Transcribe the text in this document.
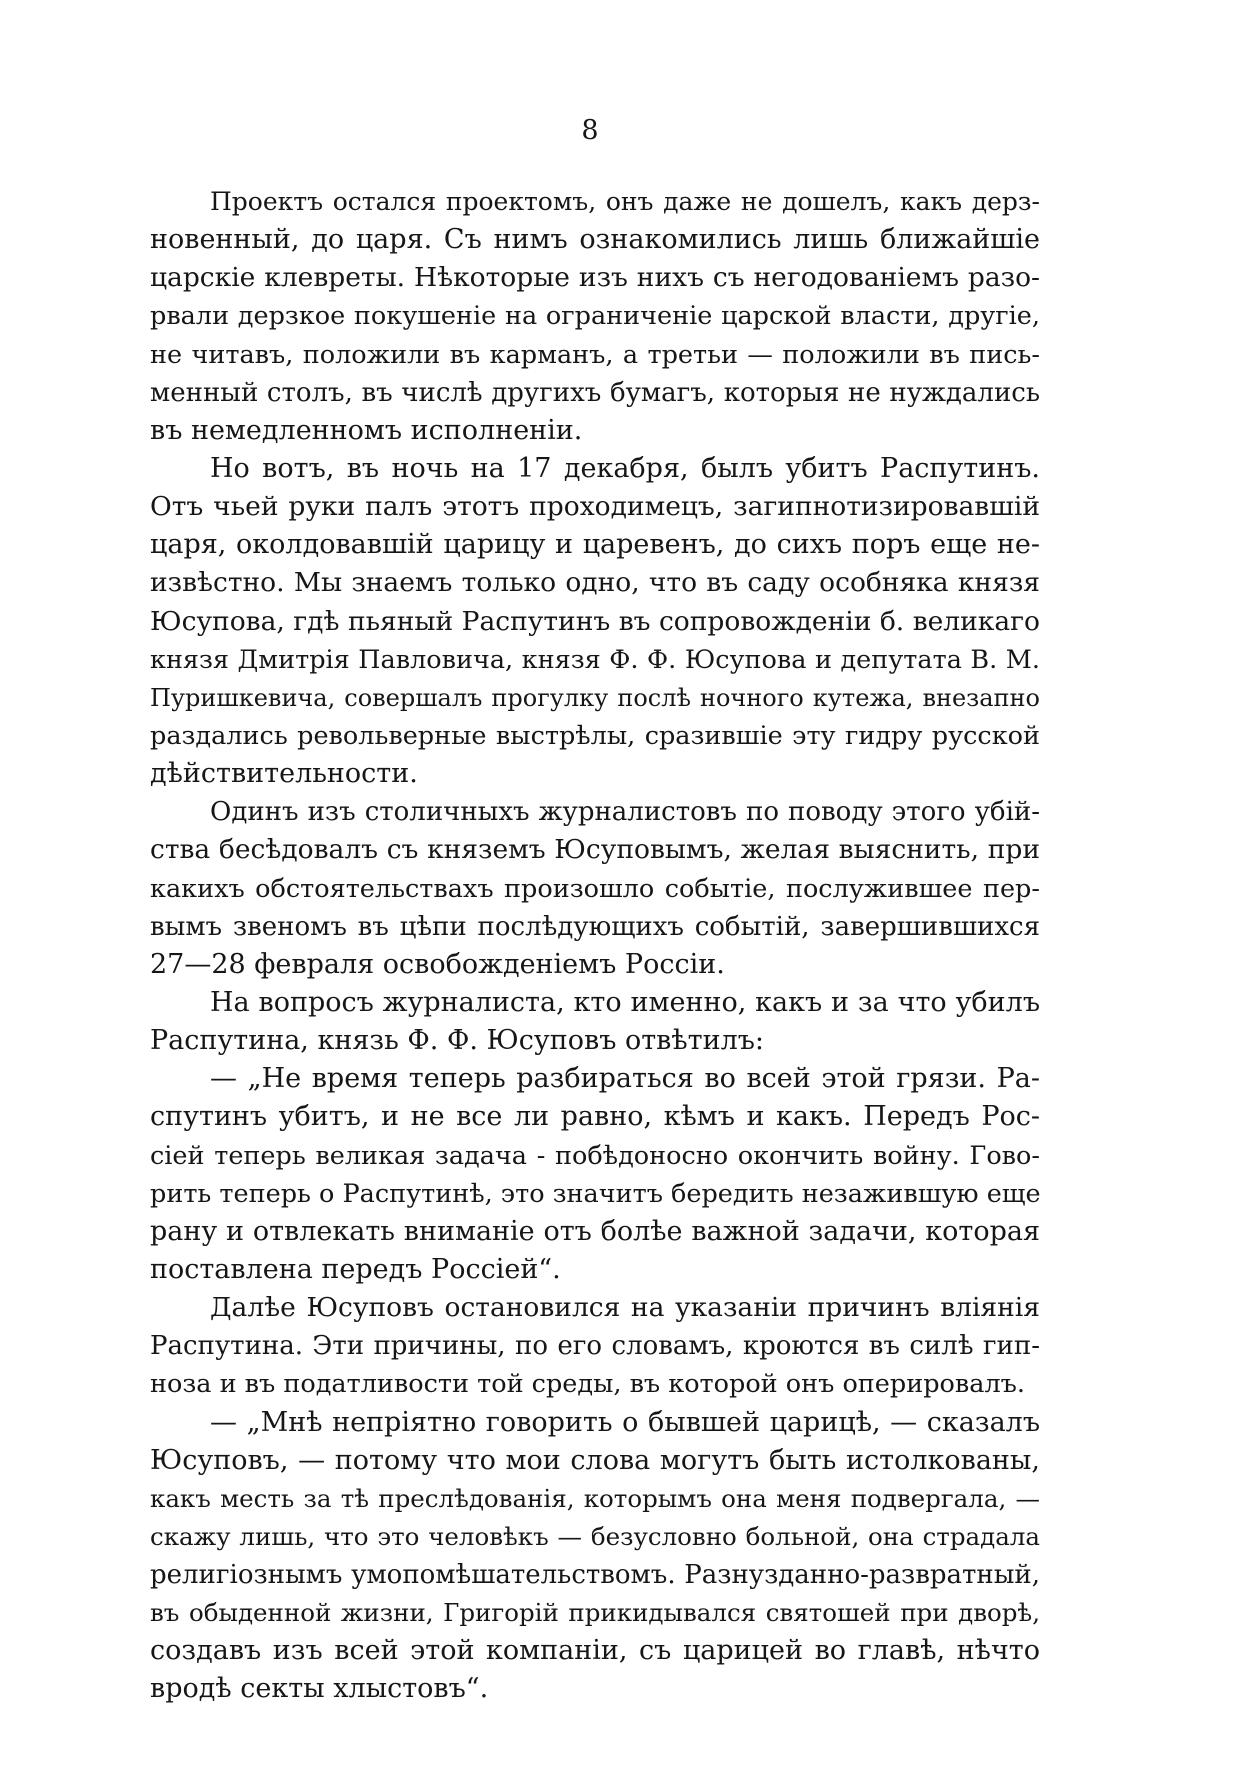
8
Проектъ остался проектомъ, онъ даже не дошелъ, какъ дерз-
новенный, до царя. Съ нимъ ознакомились лишь ближайшіе
царскіе клевреты. Нѣкоторые изъ нихъ съ негодованіемъ разо-
рвали дерзкое покушеніе на ограниченіе царской власти, другіе,
не читавъ, положили въ карманъ, а третьи — положили въ пись-
менный столъ, въ числѣ другихъ бумагъ, которыя не нуждались
въ немедленномъ исполненіи.
Но вотъ, въ ночь на 17 декабря, былъ убитъ Распутинъ.
Отъ чьей руки палъ этотъ проходимецъ, загипнотизировавшій
царя, околдовавшій царицу и царевенъ, до сихъ поръ еще не-
извѣстно. Мы знаемъ только одно, что въ саду особняка князя
Юсупова, гдѣ пьяный Распутинъ въ сопровожденіи б. великаго
князя Дмитрія Павловича, князя Ф. Ф. Юсупова и депутата В. М.
Пуришкевича, совершалъ прогулку послѣ ночного кутежа, внезапно
раздались револьверные выстрѣлы, сразившіе эту гидру русской
дѣйствительности.
Одинъ изъ столичныхъ журналистовъ по поводу этого убій-
ства бесѣдовалъ съ княземъ Юсуповымъ, желая выяснить, при
какихъ обстоятельствахъ произошло событіе, послужившее пер-
вымъ звеномъ въ цѣпи послѣдующихъ событій, завершившихся
27—28 февраля освобожденіемъ Россіи.
На вопросъ журналиста, кто именно, какъ и за что убилъ
Распутина, князь Ф. Ф. Юсуповъ отвѣтилъ:
— „Не время теперь разбираться во всей этой грязи. Ра-
спутинъ убитъ, и не все ли равно, кѣмъ и какъ. Передъ Рос-
сіей теперь великая задача - побѣдоносно окончить войну. Гово-
рить теперь о Распутинѣ, это значитъ бередить незажившую еще
рану и отвлекать вниманіе отъ болѣе важной задачи, которая
поставлена передъ Россіей“.
Далѣе Юсуповъ остановился на указаніи причинъ вліянія
Распутина. Эти причины, по его словамъ, кроются въ силѣ гип-
ноза и въ податливости той среды, въ которой онъ оперировалъ.
— „Мнѣ непріятно говорить о бывшей царицѣ, — сказалъ
Юсуповъ, — потому что мои слова могутъ быть истолкованы,
какъ месть за тѣ преслѣдованія, которымъ она меня подвергала, —
скажу лишь, что это человѣкъ — безусловно больной, она страдала
религіознымъ умопомѣшательствомъ. Разнузданно-развратный,
въ обыденной жизни, Григорій прикидывался святошей при дворѣ,
создавъ изъ всей этой компаніи, съ царицей во главѣ, нѣчто
вродѣ секты хлыстовъ“.
